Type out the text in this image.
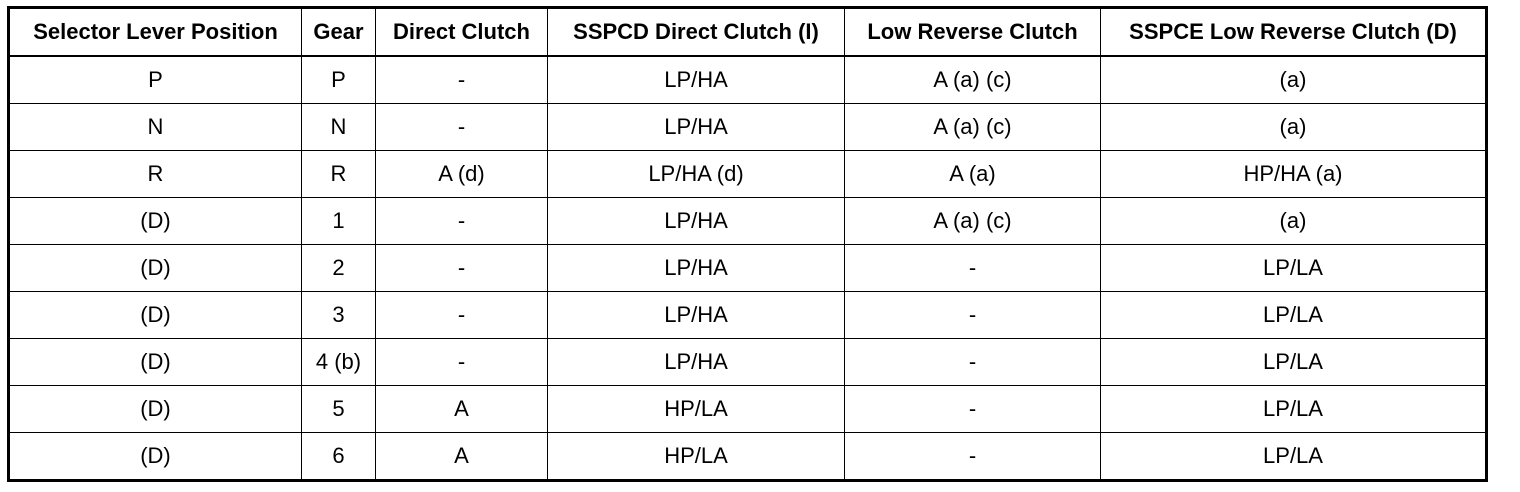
Selector Lever Position	Gear	Direct Clutch	SSPCD Direct Clutch (I)	Low Reverse Clutch	SSPCE Low Reverse Clutch (D)
P	P	-	LP/HA	A (a) (c)	(a)
N	N	-	LP/HA	A (a) (c)	(a)
R	R	A (d)	LP/HA (d)	A (a)	HP/HA (a)
(D)	1	-	LP/HA	A (a) (c)	(a)
(D)	2	-	LP/HA	-	LP/LA
(D)	3	-	LP/HA	-	LP/LA
(D)	4 (b)	-	LP/HA	-	LP/LA
(D)	5	A	HP/LA	-	LP/LA
(D)	6	A	HP/LA	-	LP/LA
